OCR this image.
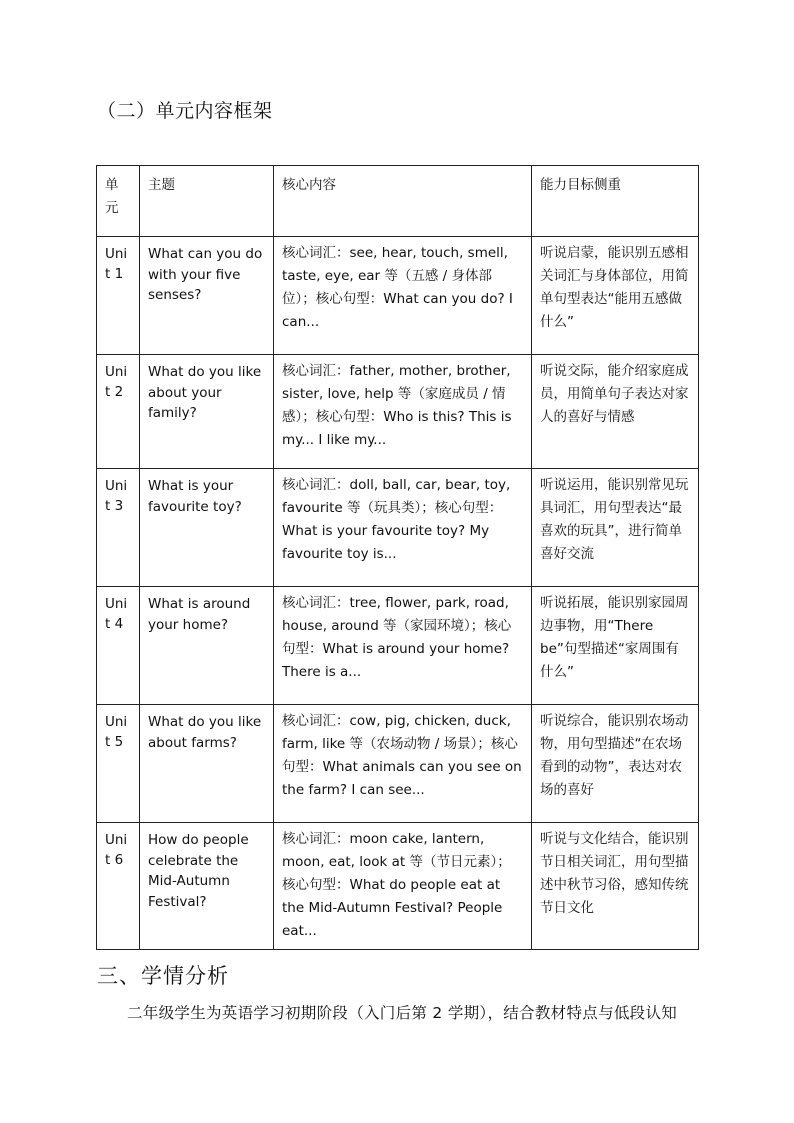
（二）单元内容框架
单元	主题	核心内容	能力目标侧重
Unit 1	What can you do with your five senses?	核心词汇：see, hear, touch, smell, taste, eye, ear 等（五感 / 身体部位）；核心句型：What can you do? I can...	听说启蒙，能识别五感相关词汇与身体部位，用简单句型表达“能用五感做什么”
Unit 2	What do you like about your family?	核心词汇：father, mother, brother, sister, love, help 等（家庭成员 / 情感）；核心句型：Who is this? This is my... I like my...	听说交际，能介绍家庭成员，用简单句子表达对家人的喜好与情感
Unit 3	What is your favourite toy?	核心词汇：doll, ball, car, bear, toy, favourite 等（玩具类）；核心句型：What is your favourite toy? My favourite toy is...	听说运用，能识别常见玩具词汇，用句型表达“最喜欢的玩具”，进行简单喜好交流
Unit 4	What is around your home?	核心词汇：tree, flower, park, road, house, around 等（家园环境）；核心句型：What is around your home? There is a...	听说拓展，能识别家园周边事物，用“There be”句型描述“家周围有什么”
Unit 5	What do you like about farms?	核心词汇：cow, pig, chicken, duck, farm, like 等（农场动物 / 场景）；核心句型：What animals can you see on the farm? I can see...	听说综合，能识别农场动物，用句型描述“在农场看到的动物”，表达对农场的喜好
Unit 6	How do people celebrate the Mid-Autumn Festival?	核心词汇：moon cake, lantern, moon, eat, look at 等（节日元素）；核心句型：What do people eat at the Mid-Autumn Festival? People eat...	听说与文化结合，能识别节日相关词汇，用句型描述中秋节习俗，感知传统节日文化
三、学情分析
二年级学生为英语学习初期阶段（入门后第 2 学期），结合教材特点与低段认知
